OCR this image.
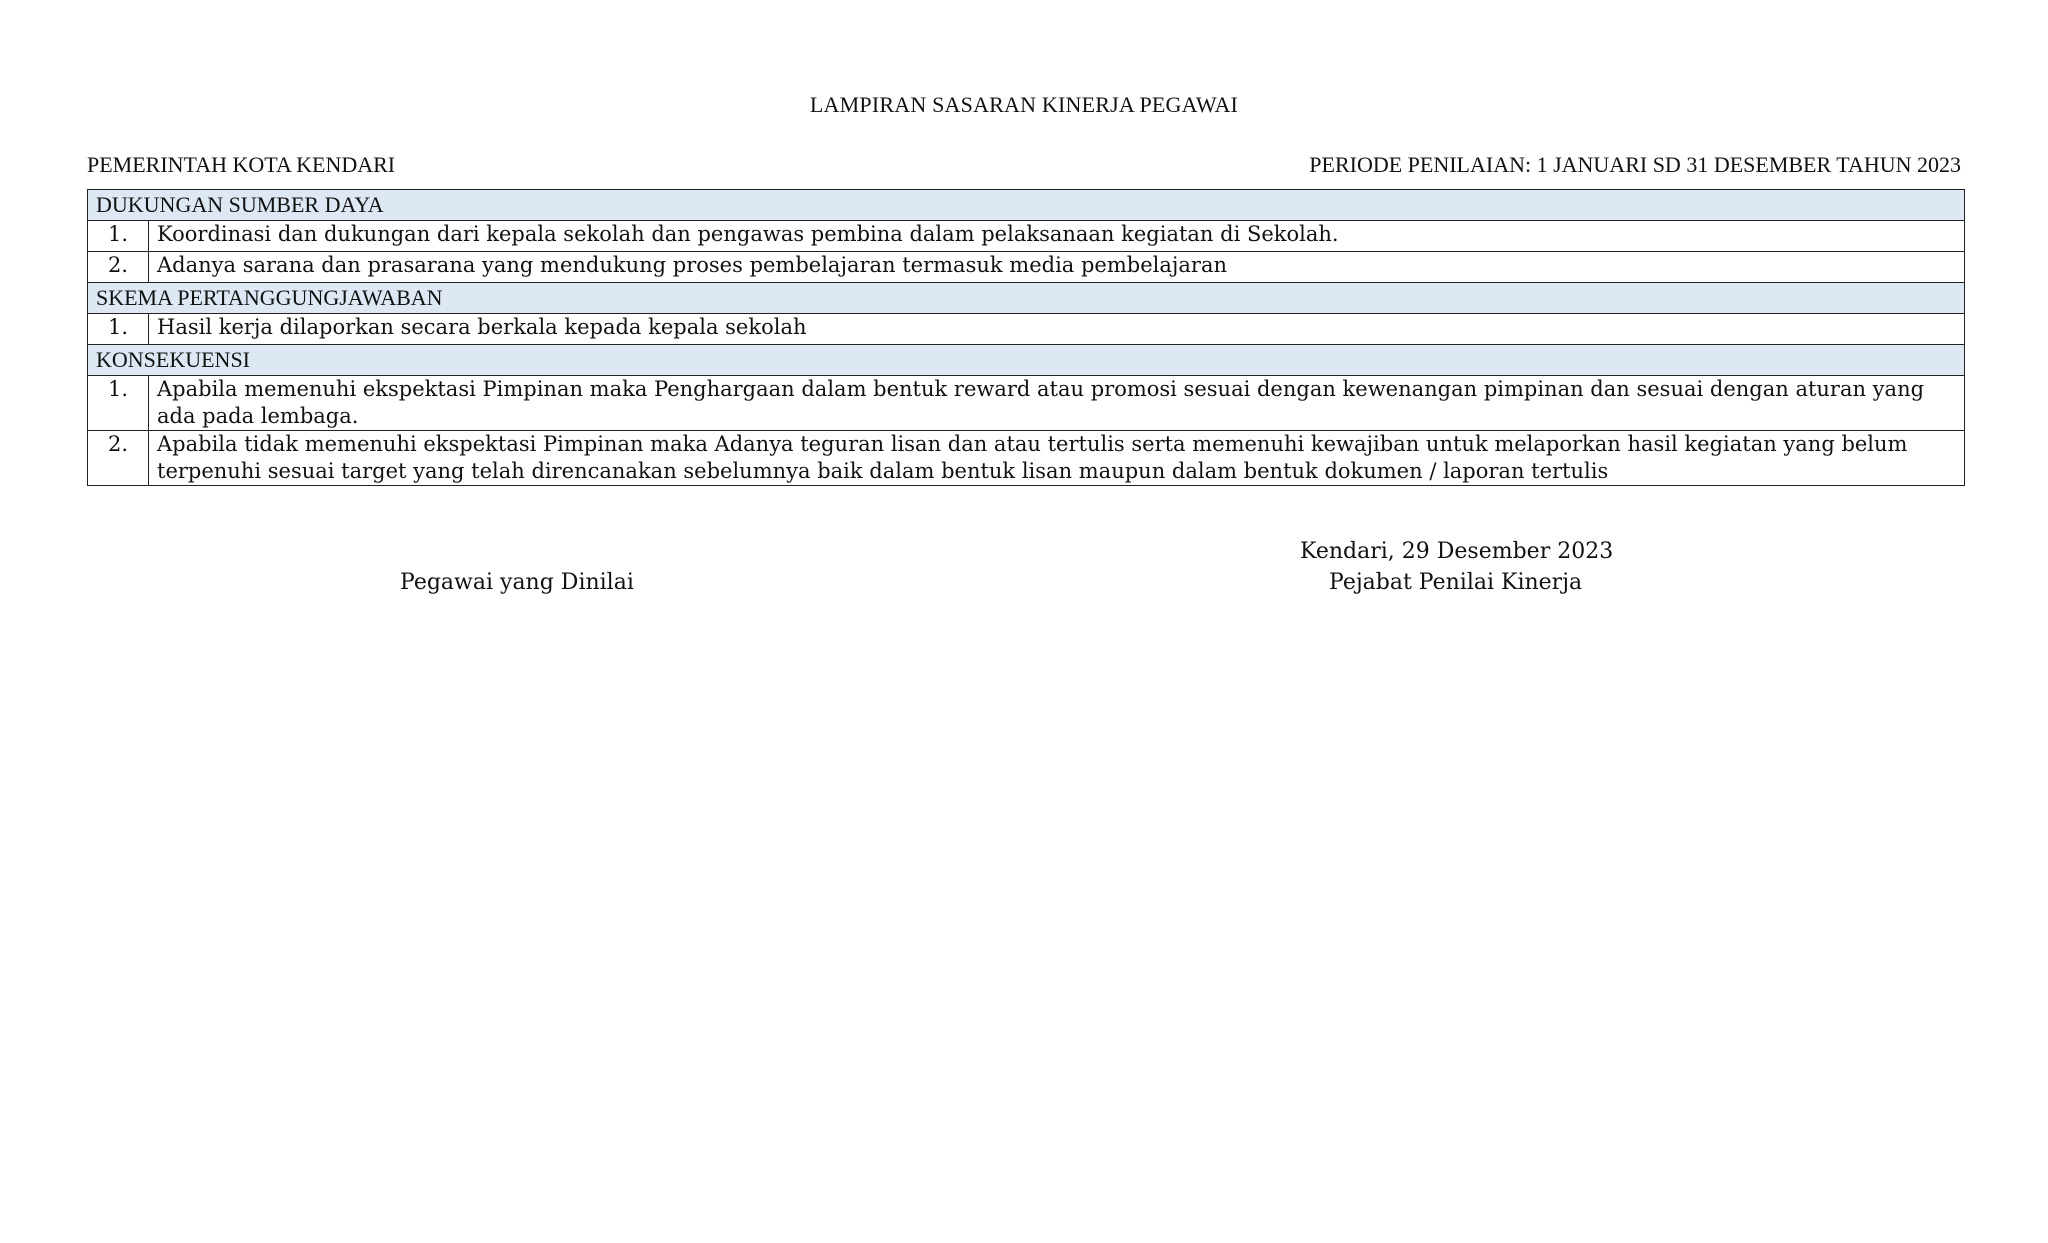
LAMPIRAN SASARAN KINERJA PEGAWAI
PEMERINTAH KOTA KENDARI	PERIODE PENILAIAN: 1 JANUARI SD 31 DESEMBER TAHUN 2023
DUKUNGAN SUMBER DAYA	
1.	Koordinasi dan dukungan dari kepala sekolah dan pengawas pembina dalam pelaksanaan kegiatan di Sekolah.
2.	Adanya sarana dan prasarana yang mendukung proses pembelajaran termasuk media pembelajaran
SKEMA PERTANGGUNGJAWABAN	
1.	Hasil kerja dilaporkan secara berkala kepada kepala sekolah
KONSEKUENSI	
1.	Apabila memenuhi ekspektasi Pimpinan maka Penghargaan dalam bentuk reward atau promosi sesuai dengan kewenangan pimpinan dan sesuai dengan aturan yang ada pada lembaga.
2.	Apabila tidak memenuhi ekspektasi Pimpinan maka Adanya teguran lisan dan atau tertulis serta memenuhi kewajiban untuk melaporkan hasil kegiatan yang belum terpenuhi sesuai target yang telah direncanakan sebelumnya baik dalam bentuk lisan maupun dalam bentuk dokumen / laporan tertulis
Kendari, 29 Desember 2023
Pegawai yang Dinilai	Pejabat Penilai Kinerja
